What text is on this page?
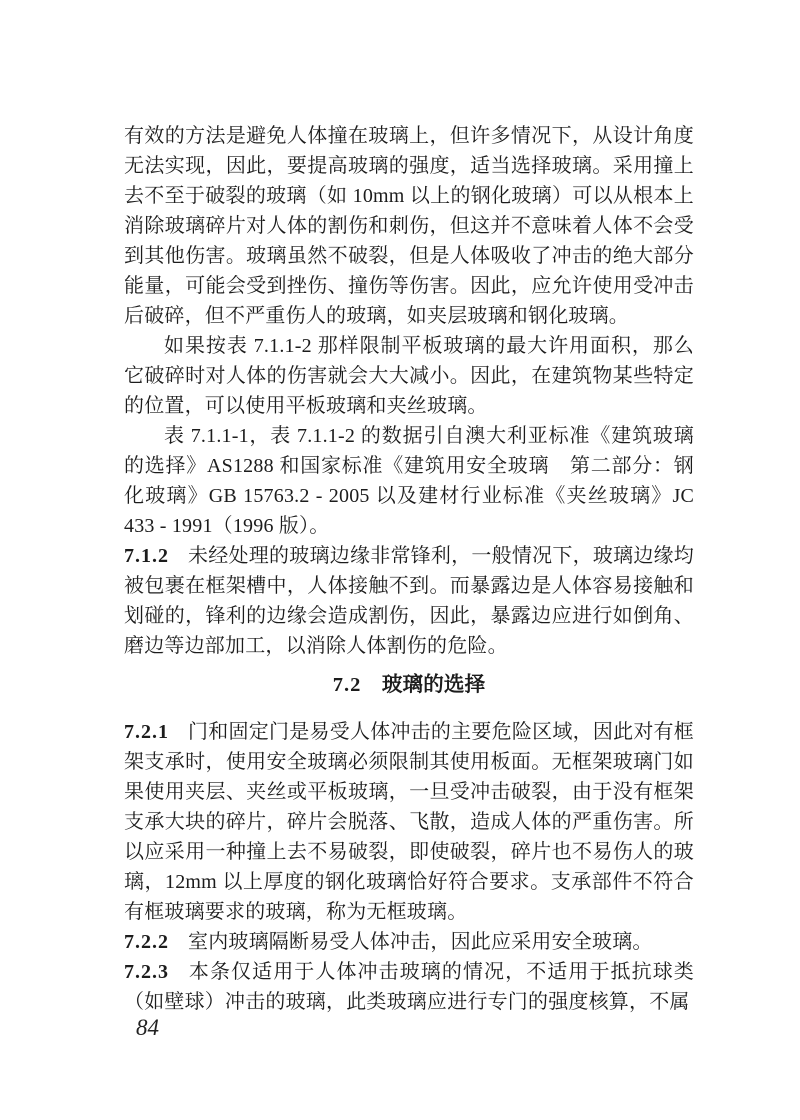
有效的方法是避免人体撞在玻璃上，但许多情况下，从设计角度无法实现，因此，要提高玻璃的强度，适当选择玻璃。采用撞上去不至于破裂的玻璃（如 10mm 以上的钢化玻璃）可以从根本上消除玻璃碎片对人体的割伤和刺伤，但这并不意味着人体不会受到其他伤害。玻璃虽然不破裂，但是人体吸收了冲击的绝大部分能量，可能会受到挫伤、撞伤等伤害。因此，应允许使用受冲击后破碎，但不严重伤人的玻璃，如夹层玻璃和钢化玻璃。

如果按表 7.1.1-2 那样限制平板玻璃的最大许用面积，那么它破碎时对人体的伤害就会大大减小。因此，在建筑物某些特定的位置，可以使用平板玻璃和夹丝玻璃。

表 7.1.1-1，表 7.1.1-2 的数据引自澳大利亚标准《建筑玻璃的选择》AS1288 和国家标准《建筑用安全玻璃　第二部分：钢化玻璃》GB 15763.2 - 2005 以及建材行业标准《夹丝玻璃》JC 433 - 1991（1996 版）。

7.1.2 未经处理的玻璃边缘非常锋利，一般情况下，玻璃边缘均被包裹在框架槽中，人体接触不到。而暴露边是人体容易接触和划碰的，锋利的边缘会造成割伤，因此，暴露边应进行如倒角、磨边等边部加工，以消除人体割伤的危险。

7.2 玻璃的选择

7.2.1 门和固定门是易受人体冲击的主要危险区域，因此对有框架支承时，使用安全玻璃必须限制其使用板面。无框架玻璃门如果使用夹层、夹丝或平板玻璃，一旦受冲击破裂，由于没有框架支承大块的碎片，碎片会脱落、飞散，造成人体的严重伤害。所以应采用一种撞上去不易破裂，即使破裂，碎片也不易伤人的玻璃，12mm 以上厚度的钢化玻璃恰好符合要求。支承部件不符合有框玻璃要求的玻璃，称为无框玻璃。

7.2.2 室内玻璃隔断易受人体冲击，因此应采用安全玻璃。

7.2.3 本条仅适用于人体冲击玻璃的情况，不适用于抵抗球类（如壁球）冲击的玻璃，此类玻璃应进行专门的强度核算，不属

84
